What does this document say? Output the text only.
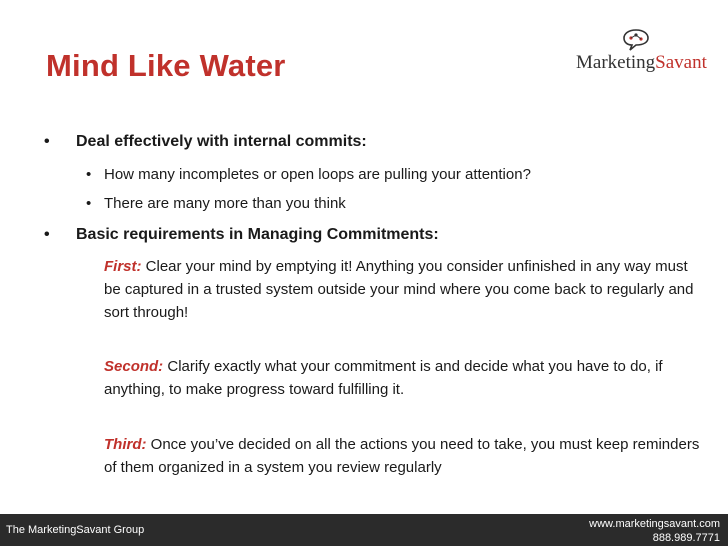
Mind Like Water	MarketingSavant
• Deal effectively with internal commits:
• How many incompletes or open loops are pulling your attention?
• There are many more than you think
• Basic requirements in Managing Commitments:
First: Clear your mind by emptying it! Anything you consider unfinished in any way must be captured in a trusted system outside your mind where you come back to regularly and sort through!
Second: Clarify exactly what your commitment is and decide what you have to do, if anything, to make progress toward fulfilling it.
Third: Once you’ve decided on all the actions you need to take, you must keep reminders of them organized in a system you review regularly
The MarketingSavant Group	www.marketingsavant.com
888.989.7771
